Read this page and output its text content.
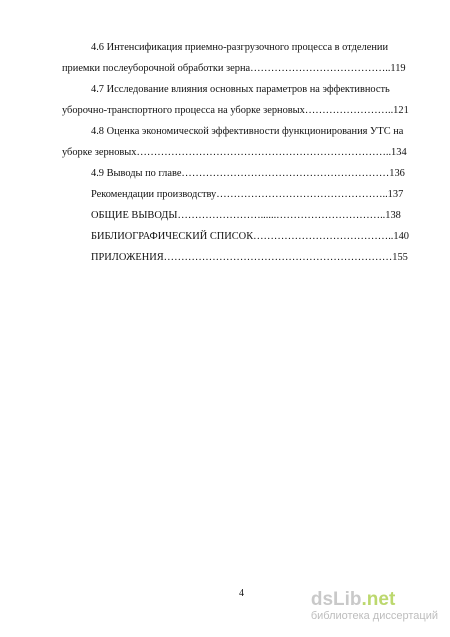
4.6 Интенсификация приемно-разгрузочного процесса в отделении
приемки послеуборочной обработки зерна…………………………………..119
4.7 Исследование влияния основных параметров на эффективность
уборочно-транспортного процесса на уборке зерновых……………………..121
4.8 Оценка экономической эффективности функционирования УТС на
уборке зерновых………………………………………………………………..134
4.9 Выводы по главе……………………………………………………136
Рекомендации производству…………………………………………..137
ОБЩИЕ ВЫВОДЫ……………………......…………………………..138
БИБЛИОГРАФИЧЕСКИЙ СПИСОК…………………………………..140
ПРИЛОЖЕНИЯ…………………………………………………………155
4	dsLib.net
библиотека диссертаций
